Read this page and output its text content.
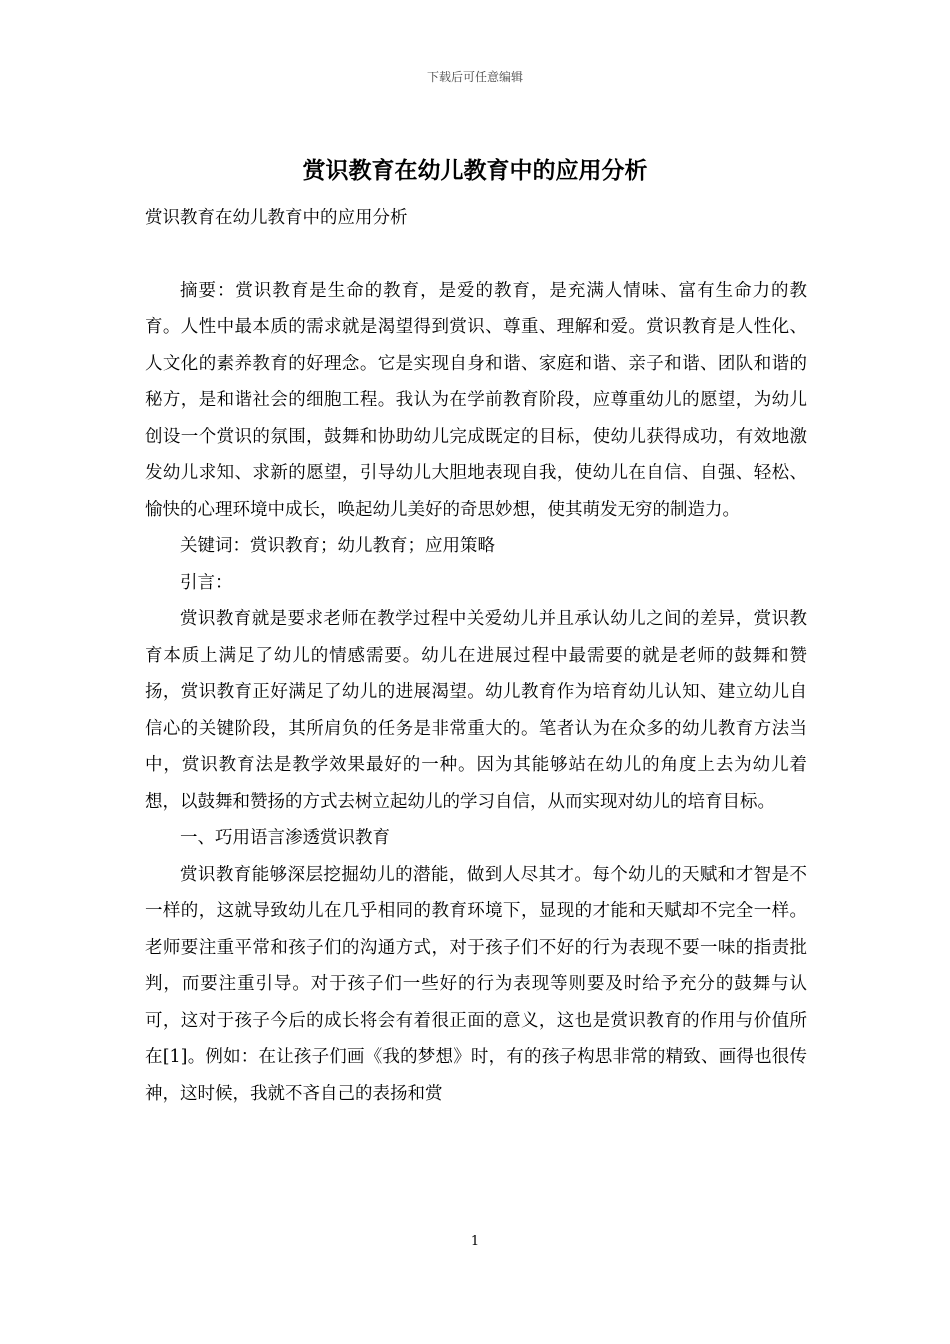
下载后可任意编辑
赏识教育在幼儿教育中的应用分析

赏识教育在幼儿教育中的应用分析

摘要：赏识教育是生命的教育，是爱的教育，是充满人情味、富有生命力的教育。人性中最本质的需求就是渴望得到赏识、尊重、理解和爱。赏识教育是人性化、人文化的素养教育的好理念。它是实现自身和谐、家庭和谐、亲子和谐、团队和谐的秘方，是和谐社会的细胞工程。我认为在学前教育阶段，应尊重幼儿的愿望，为幼儿创设一个赏识的氛围，鼓舞和协助幼儿完成既定的目标，使幼儿获得成功，有效地激发幼儿求知、求新的愿望，引导幼儿大胆地表现自我，使幼儿在自信、自强、轻松、愉快的心理环境中成长，唤起幼儿美好的奇思妙想，使其萌发无穷的制造力。

关键词：赏识教育；幼儿教育；应用策略

引言：

赏识教育就是要求老师在教学过程中关爱幼儿并且承认幼儿之间的差异，赏识教育本质上满足了幼儿的情感需要。幼儿在进展过程中最需要的就是老师的鼓舞和赞扬，赏识教育正好满足了幼儿的进展渴望。幼儿教育作为培育幼儿认知、建立幼儿自信心的关键阶段，其所肩负的任务是非常重大的。笔者认为在众多的幼儿教育方法当中，赏识教育法是教学效果最好的一种。因为其能够站在幼儿的角度上去为幼儿着想，以鼓舞和赞扬的方式去树立起幼儿的学习自信，从而实现对幼儿的培育目标。

一、巧用语言渗透赏识教育

赏识教育能够深层挖掘幼儿的潜能，做到人尽其才。每个幼儿的天赋和才智是不一样的，这就导致幼儿在几乎相同的教育环境下，显现的才能和天赋却不完全一样。老师要注重平常和孩子们的沟通方式，对于孩子们不好的行为表现不要一味的指责批判，而要注重引导。对于孩子们一些好的行为表现等则要及时给予充分的鼓舞与认可，这对于孩子今后的成长将会有着很正面的意义，这也是赏识教育的作用与价值所在[1]。例如：在让孩子们画《我的梦想》时，有的孩子构思非常的精致、画得也很传神，这时候，我就不吝自己的表扬和赏

1
